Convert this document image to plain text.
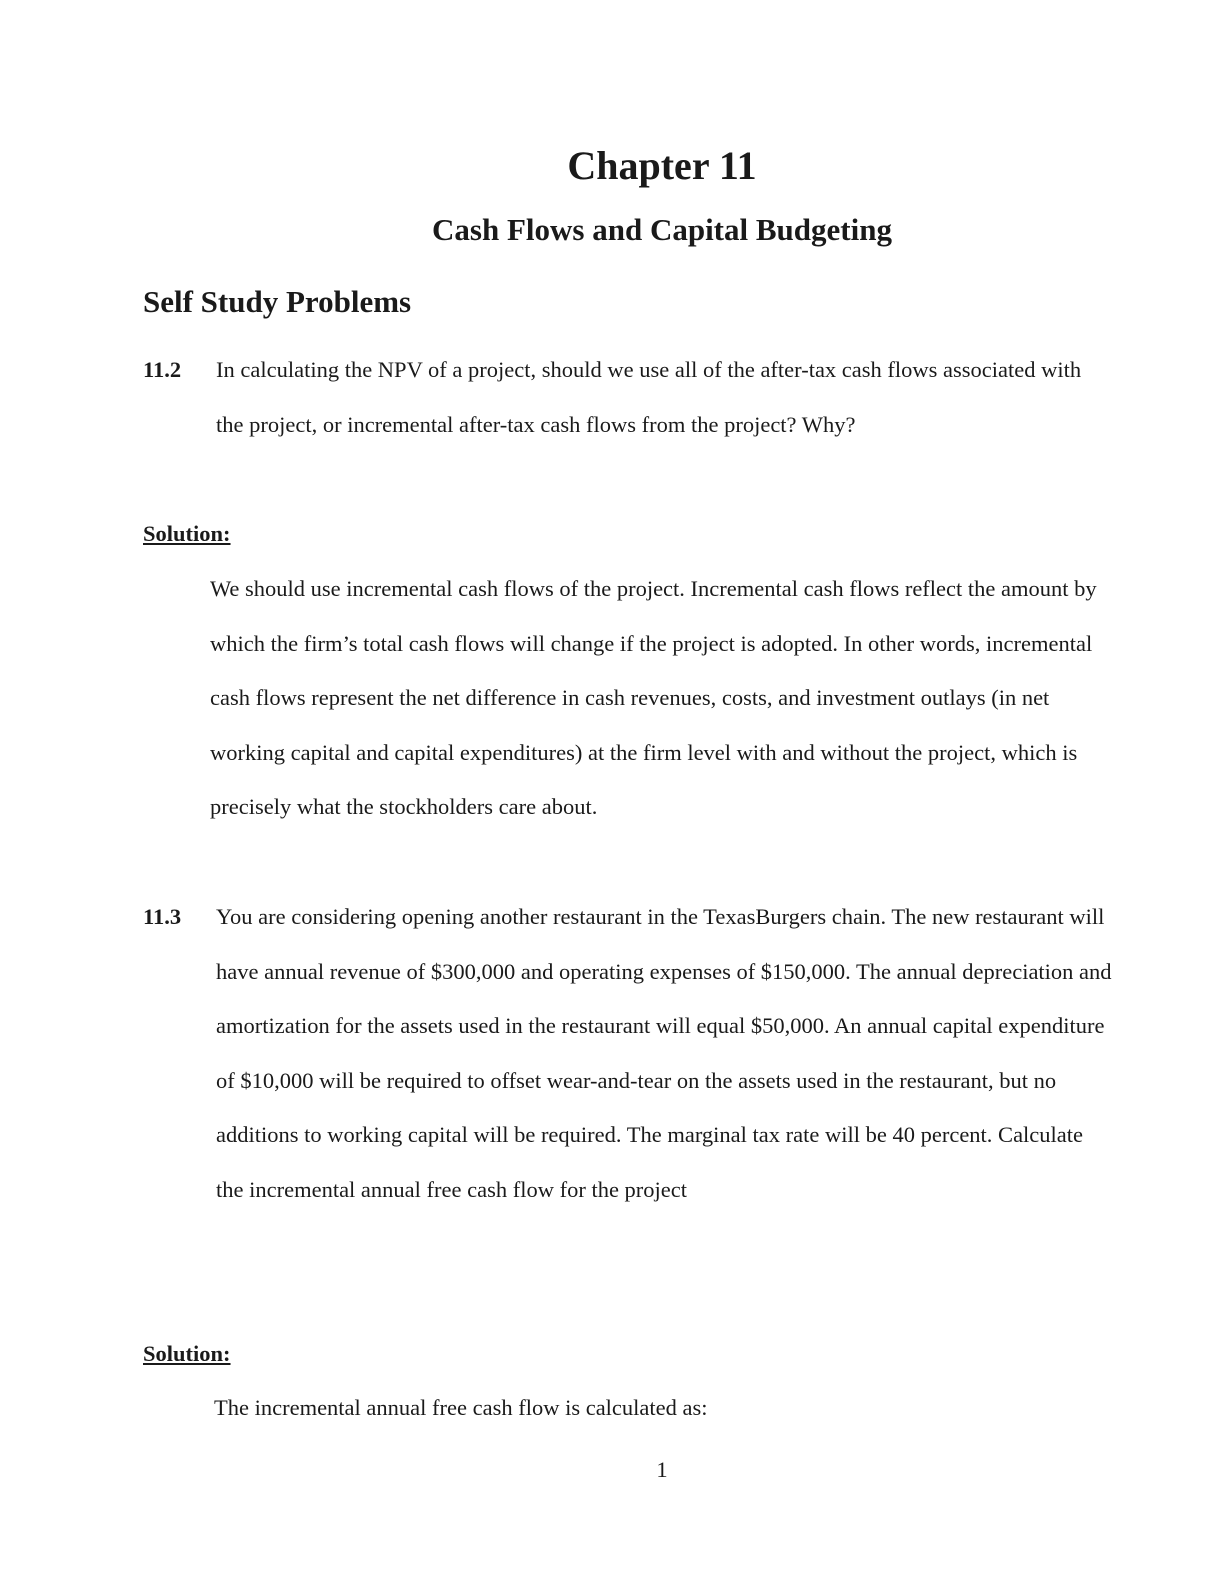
Chapter 11
Cash Flows and Capital Budgeting
Self Study Problems
11.2 In calculating the NPV of a project, should we use all of the after-tax cash flows associated with the project, or incremental after-tax cash flows from the project? Why?

Solution:

We should use incremental cash flows of the project. Incremental cash flows reflect the amount by which the firm’s total cash flows will change if the project is adopted. In other words, incremental cash flows represent the net difference in cash revenues, costs, and investment outlays (in net working capital and capital expenditures) at the firm level with and without the project, which is precisely what the stockholders care about.

11.3 You are considering opening another restaurant in the TexasBurgers chain. The new restaurant will have annual revenue of $300,000 and operating expenses of $150,000. The annual depreciation and amortization for the assets used in the restaurant will equal $50,000. An annual capital expenditure of $10,000 will be required to offset wear-and-tear on the assets used in the restaurant, but no additions to working capital will be required. The marginal tax rate will be 40 percent. Calculate the incremental annual free cash flow for the project

Solution:

The incremental annual free cash flow is calculated as:

1
